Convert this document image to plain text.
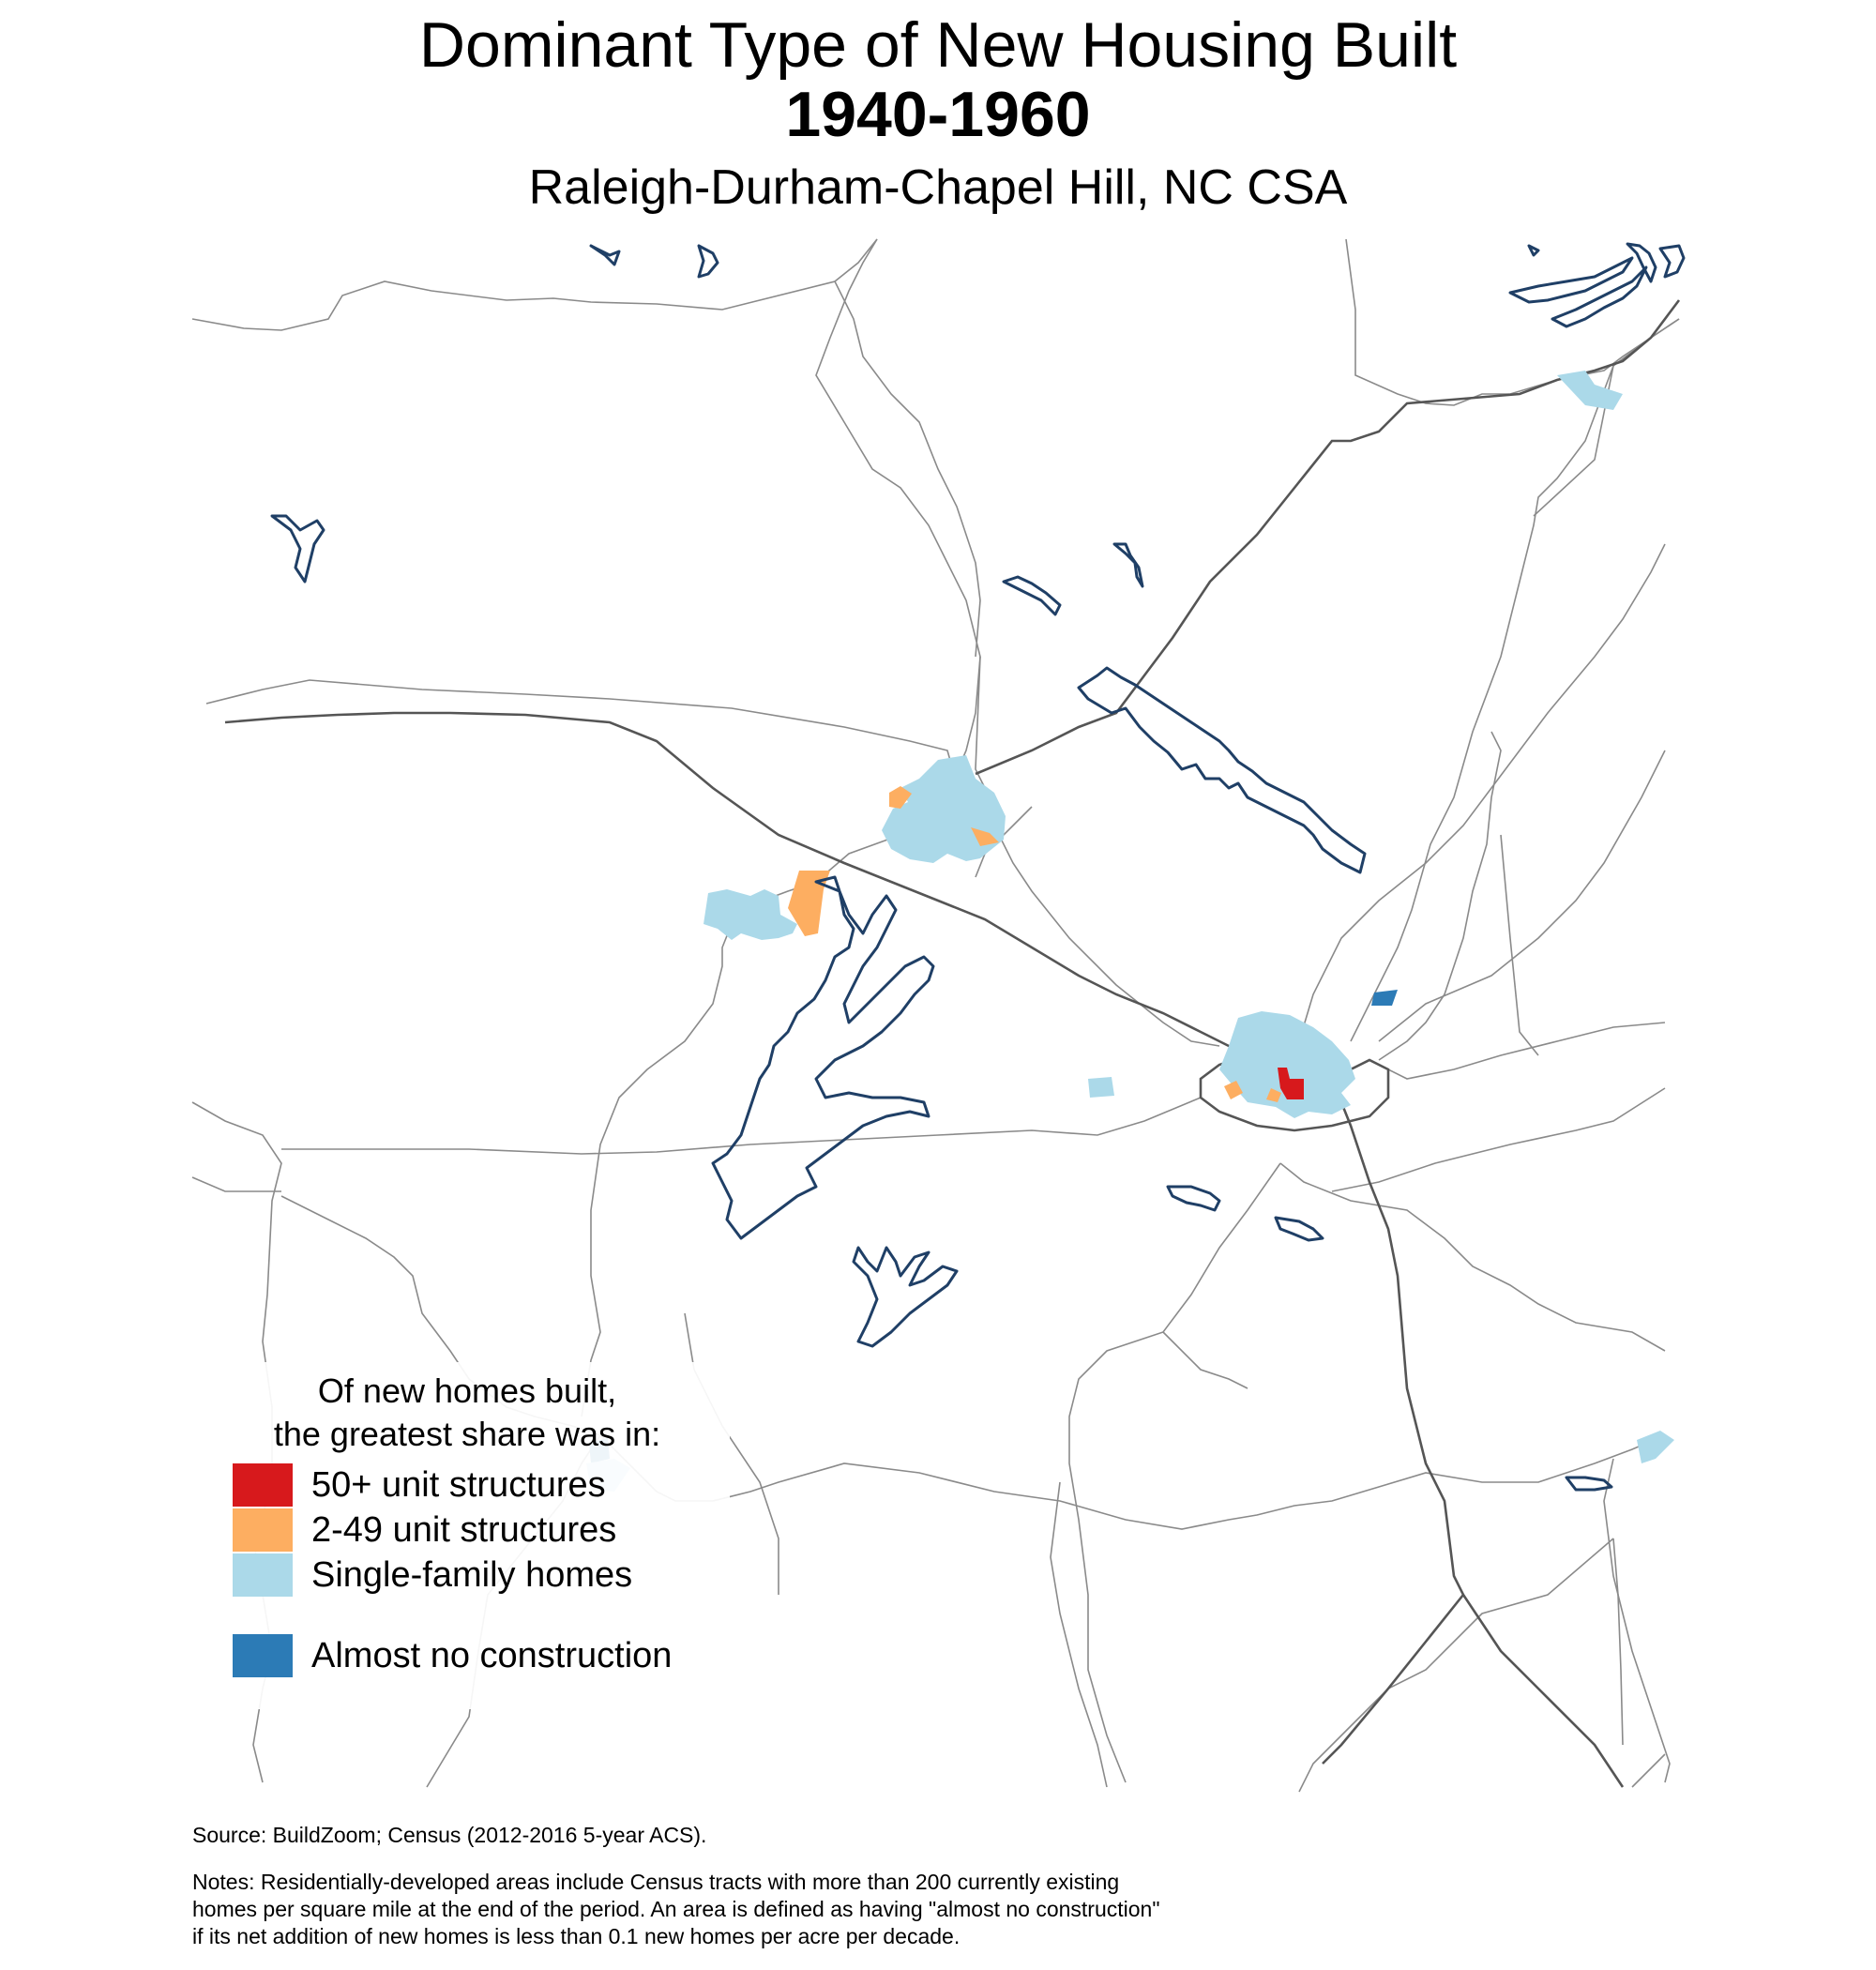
Dominant Type of New Housing Built
1940-1960
Raleigh-Durham-Chapel Hill, NC CSA
Of new homes built,
the greatest share was in:
50+ unit structures
2-49 unit structures
Single-family homes
Almost no construction
Source: BuildZoom; Census (2012-2016 5-year ACS).
Notes: Residentially-developed areas include Census tracts with more than 200 currently existing
homes per square mile at the end of the period. An area is defined as having "almost no construction"
if its net addition of new homes is less than 0.1 new homes per acre per decade.
